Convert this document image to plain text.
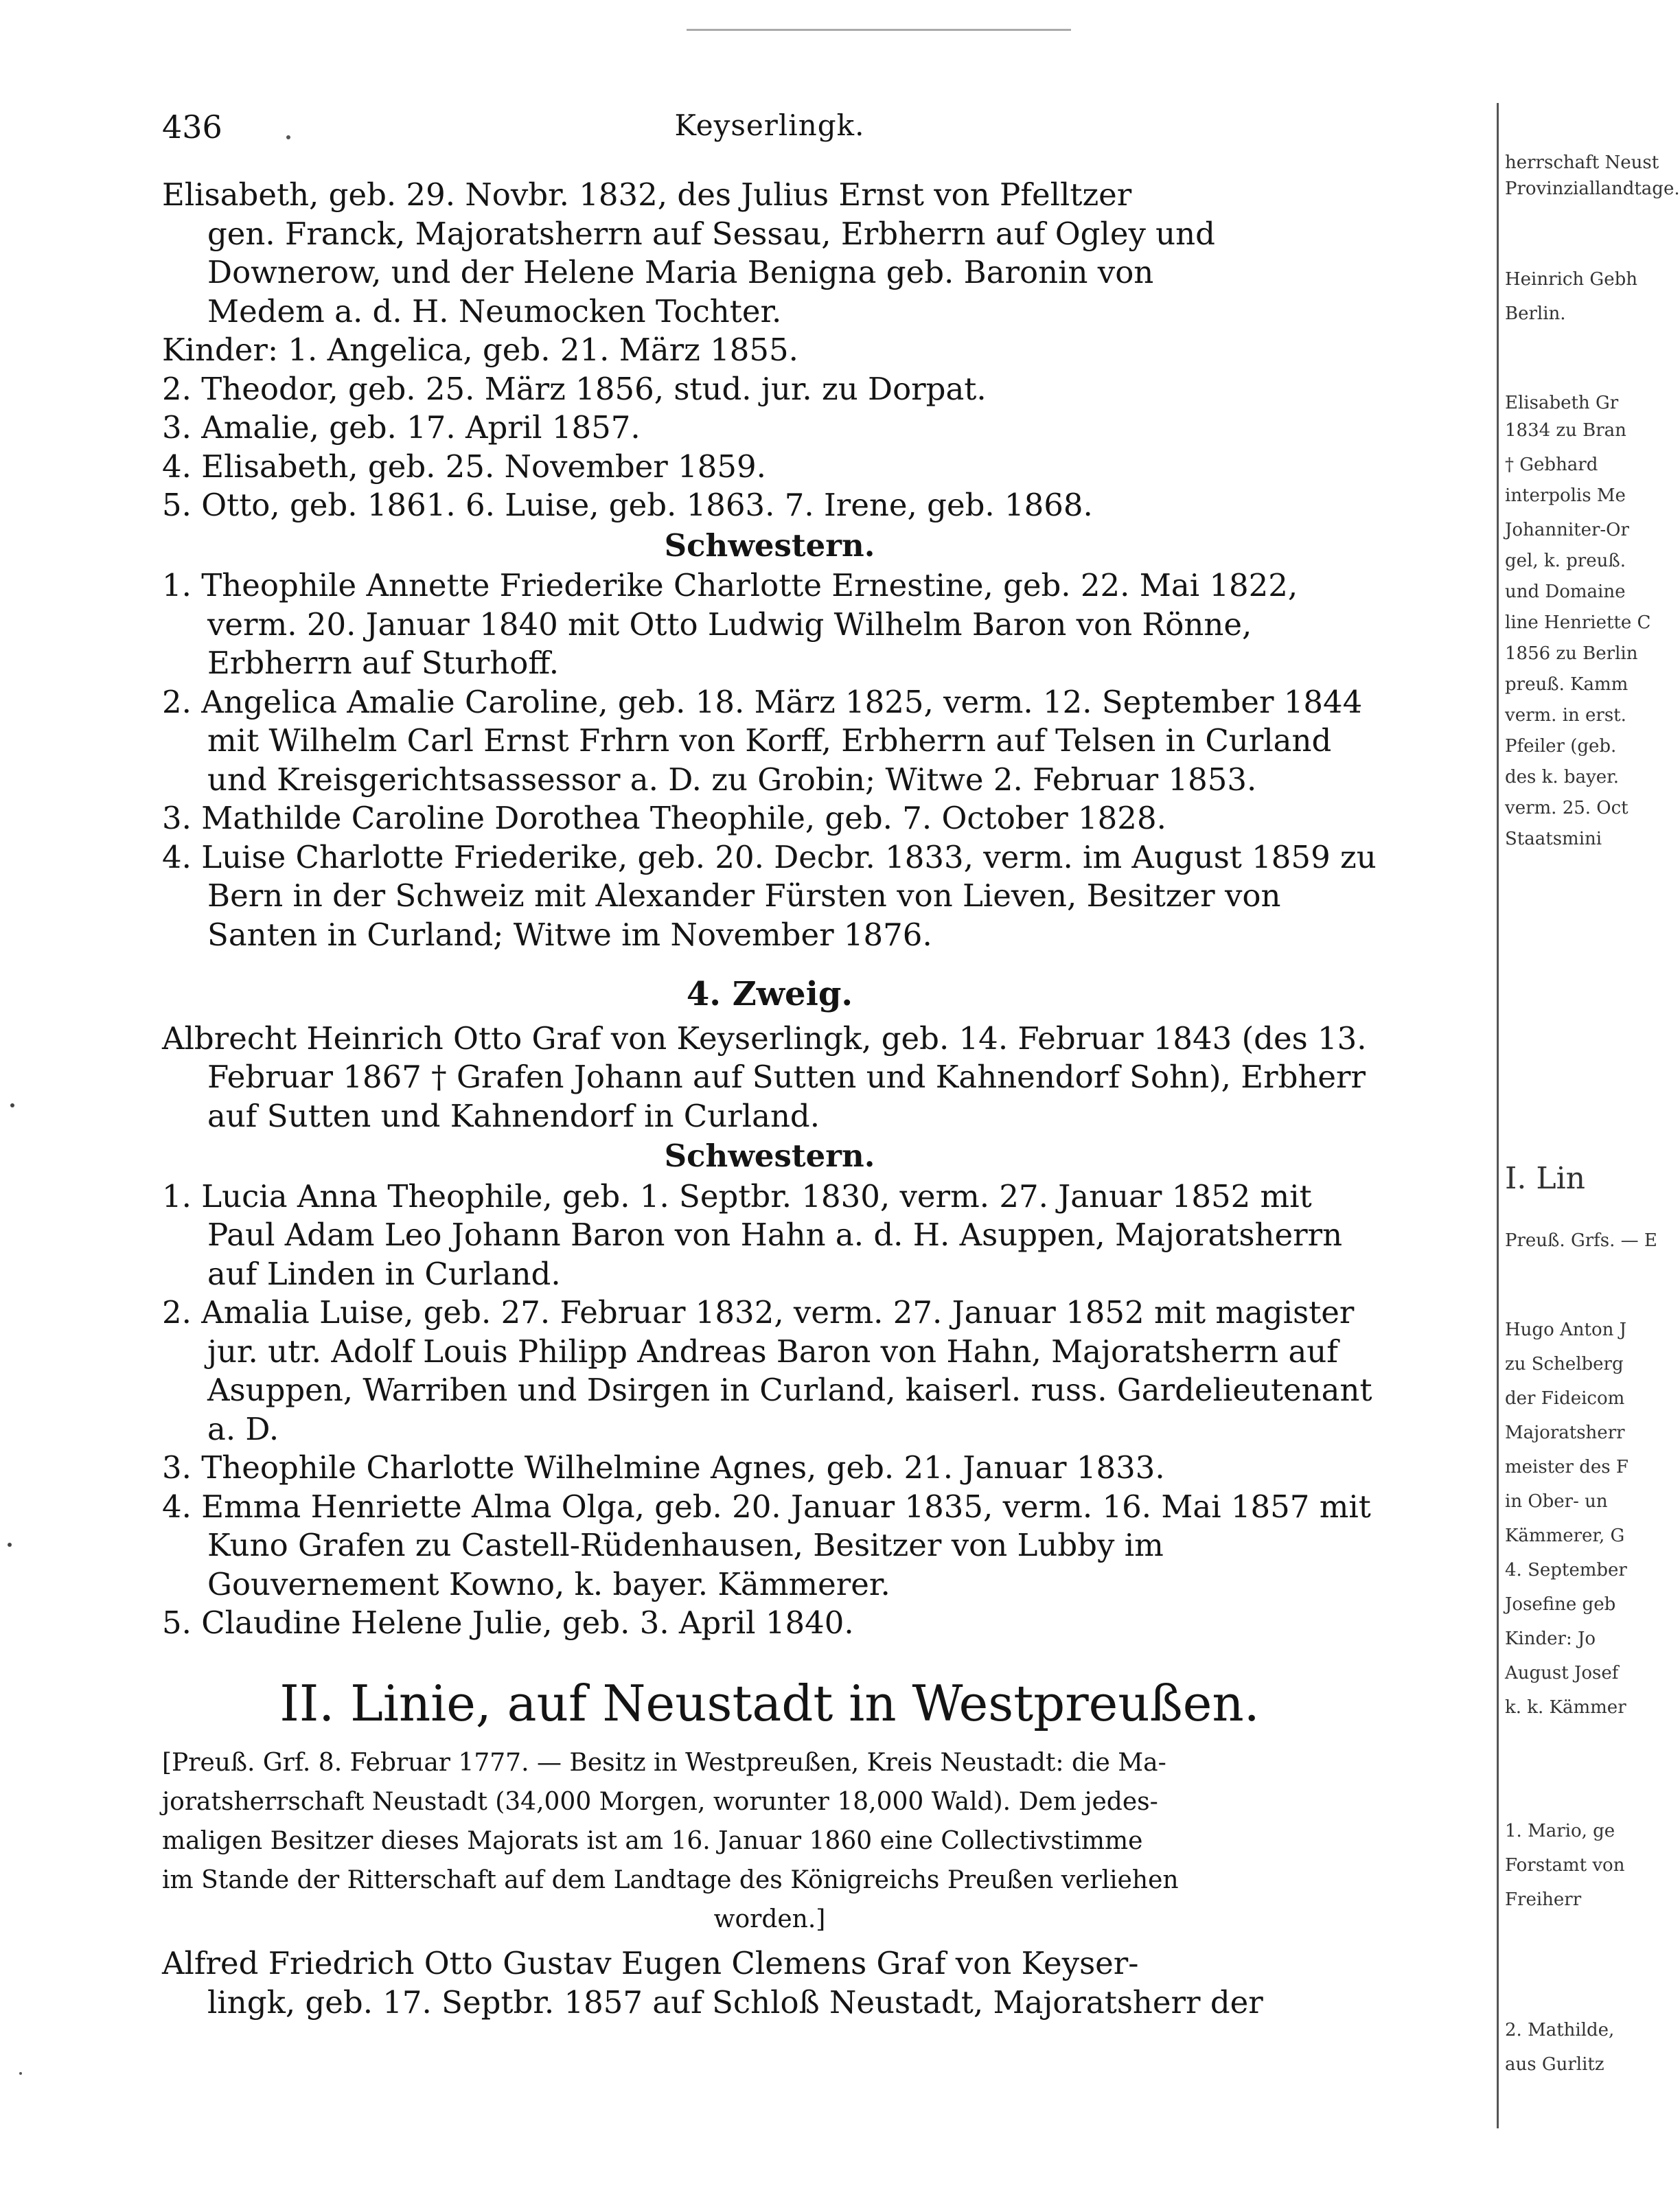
436	Keyserlingk.
Elisabeth, geb. 29. Novbr. 1832, des Julius Ernst von Pfelltzer
gen. Franck, Majoratsherrn auf Sessau, Erbherrn auf Ogley und
Downerow, und der Helene Maria Benigna geb. Baronin von
Medem a. d. H. Neumocken Tochter.
Kinder: 1. Angelica, geb. 21. März 1855.
2. Theodor, geb. 25. März 1856, stud. jur. zu Dorpat.
3. Amalie, geb. 17. April 1857.
4. Elisabeth, geb. 25. November 1859.
5. Otto, geb. 1861. 6. Luise, geb. 1863. 7. Irene, geb. 1868.
Schwestern.
1. Theophile Annette Friederike Charlotte Ernestine, geb. 22. Mai 1822, verm. 20. Januar 1840 mit Otto Ludwig Wilhelm Baron von Rönne, Erbherrn auf Sturhoff.
2. Angelica Amalie Caroline, geb. 18. März 1825, verm. 12. September 1844 mit Wilhelm Carl Ernst Frhrn von Korff, Erbherrn auf Telsen in Curland und Kreisgerichtsassessor a. D. zu Grobin; Witwe 2. Februar 1853.
3. Mathilde Caroline Dorothea Theophile, geb. 7. October 1828.
4. Luise Charlotte Friederike, geb. 20. Decbr. 1833, verm. im August 1859 zu Bern in der Schweiz mit Alexander Fürsten von Lieven, Besitzer von Santen in Curland; Witwe im November 1876.
4. Zweig.
Albrecht Heinrich Otto Graf von Keyserlingk, geb. 14. Februar 1843 (des 13. Februar 1867 † Grafen Johann auf Sutten und Kahnendorf Sohn), Erbherr auf Sutten und Kahnendorf in Curland.
Schwestern.
1. Lucia Anna Theophile, geb. 1. Septbr. 1830, verm. 27. Januar 1852 mit Paul Adam Leo Johann Baron von Hahn a. d. H. Asuppen, Majoratsherrn auf Linden in Curland.
2. Amalia Luise, geb. 27. Februar 1832, verm. 27. Januar 1852 mit magister jur. utr. Adolf Louis Philipp Andreas Baron von Hahn, Majoratsherrn auf Asuppen, Warriben und Dsirgen in Curland, kaiserl. russ. Gardelieutenant a. D.
3. Theophile Charlotte Wilhelmine Agnes, geb. 21. Januar 1833.
4. Emma Henriette Alma Olga, geb. 20. Januar 1835, verm. 16. Mai 1857 mit Kuno Grafen zu Castell-Rüdenhausen, Besitzer von Lubby im Gouvernement Kowno, k. bayer. Kämmerer.
5. Claudine Helene Julie, geb. 3. April 1840.
II. Linie, auf Neustadt in Westpreußen.
[Preuß. Grf. 8. Februar 1777. — Besitz in Westpreußen, Kreis Neustadt: die Ma-
joratsherrschaft Neustadt (34,000 Morgen, worunter 18,000 Wald). Dem jedes-
maligen Besitzer dieses Majorats ist am 16. Januar 1860 eine Collectivstimme
im Stande der Ritterschaft auf dem Landtage des Königreichs Preußen verliehen
worden.]
Alfred Friedrich Otto Gustav Eugen Clemens Graf von Keyser-
lingk, geb. 17. Septbr. 1857 auf Schloß Neustadt, Majoratsherr der
herrschaft Neust
Provinziallandtage.
Heinrich Gebh
Berlin.
Elisabeth Gr
1834 zu Bran
† Gebhard
interpolis Me
Johanniter-Or
gel, k. preuß.
und Domaine
line Henriette C
1856 zu Berlin
preuß. Kamm
verm. in erst.
Pfeiler (geb.
des k. bayer.
verm. 25. Oct
Staatsmini
I. Lin
Preuß. Grfs. — E
Hugo Anton J
zu Schelberg
der Fideicom
Majoratsherr
meister des F
in Ober- un
Kämmerer, G
4. September
Josefine geb
Kinder: Jo
August Josef
k. k. Kämmer
1. Mario, ge
Forstamt von
Freiherr
2. Mathilde,
aus Gurlitz
